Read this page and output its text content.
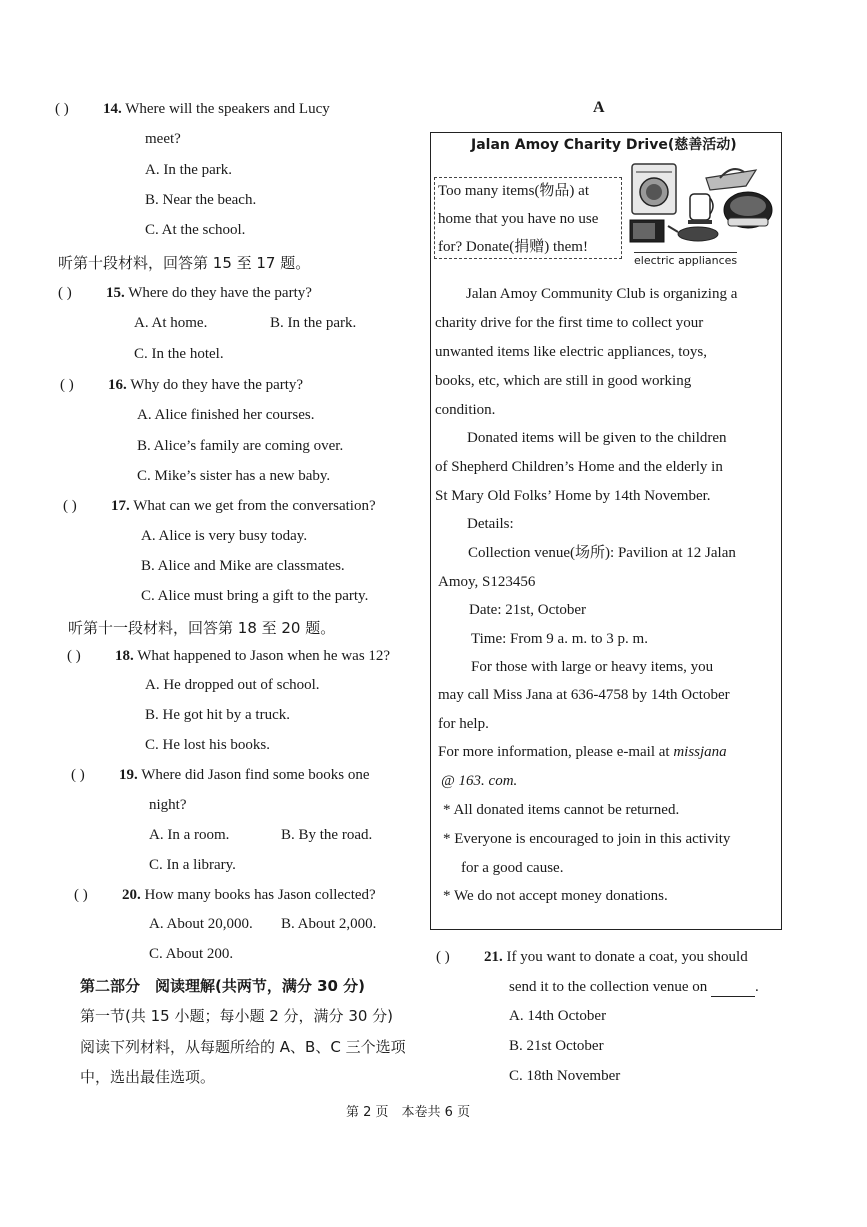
( ) 14. Where will the speakers and Lucy
meet?
A. In the park.
B. Near the beach.
C. At the school.
听第十段材料，回答第 15 至 17 题。
( ) 15. Where do they have the party?
A. At home.	B. In the park.
C. In the hotel.
( ) 16. Why do they have the party?
A. Alice finished her courses.
B. Alice’s family are coming over.
C. Mike’s sister has a new baby.
( ) 17. What can we get from the conversation?
A. Alice is very busy today.
B. Alice and Mike are classmates.
C. Alice must bring a gift to the party.
听第十一段材料，回答第 18 至 20 题。
( ) 18. What happened to Jason when he was 12?
A. He dropped out of school.
B. He got hit by a truck.
C. He lost his books.
( ) 19. Where did Jason find some books one
night?
A. In a room.	B. By the road.
C. In a library.
( ) 20. How many books has Jason collected?
A. About 20,000. B. About 2,000.
C. About 200.
第二部分　阅读理解(共两节，满分 30 分)
第一节(共 15 小题；每小题 2 分，满分 30 分)
阅读下列材料，从每题所给的 A、B、C 三个选项
中，选出最佳选项。
A
Jalan Amoy Charity Drive(慈善活动)
Too many items(物品) at
home that you have no use
for? Donate(捐赠) them!
electric appliances
Jalan Amoy Community Club is organizing a
charity drive for the first time to collect your
unwanted items like electric appliances, toys,
books, etc, which are still in good working
condition.
Donated items will be given to the children
of Shepherd Children’s Home and the elderly in
St Mary Old Folks’ Home by 14th November.
Details:
Collection venue(场所): Pavilion at 12 Jalan
Amoy, S123456
Date: 21st, October
Time: From 9 a. m. to 3 p. m.
For those with large or heavy items, you
may call Miss Jana at 636-4758 by 14th October
for help.
For more information, please e-mail at missjana
@ 163. com.
* All donated items cannot be returned.
* Everyone is encouraged to join in this activity
for a good cause.
* We do not accept money donations.
( ) 21. If you want to donate a coat, you should
send it to the collection venue on	.
A. 14th October
B. 21st October
C. 18th November
第 2 页　本卷共 6 页
